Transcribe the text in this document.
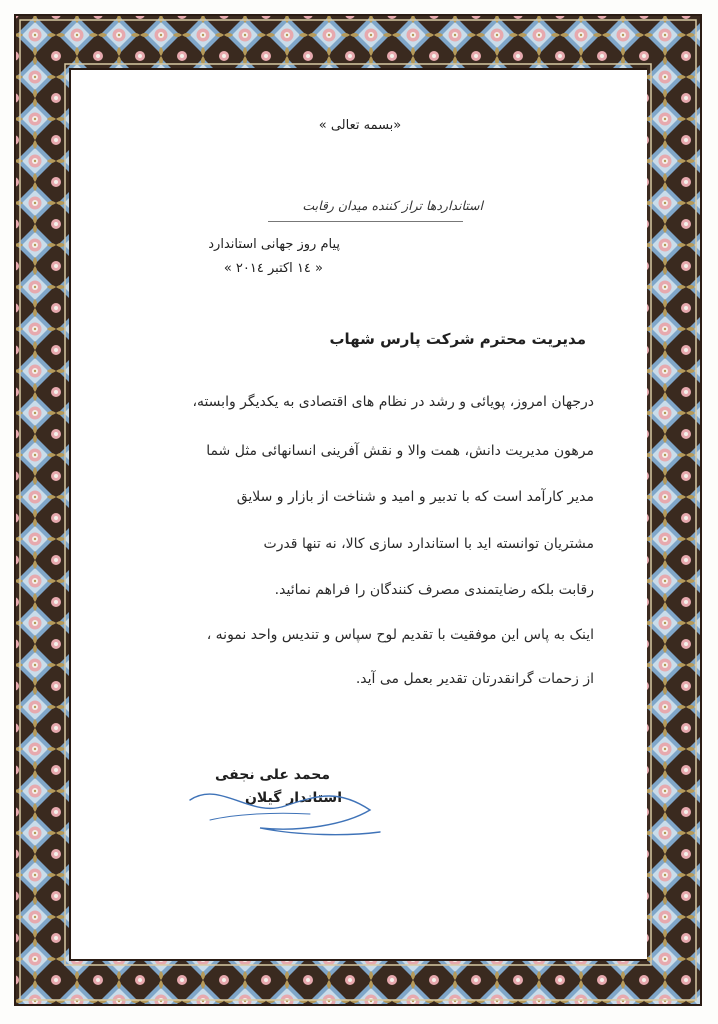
«بسمه تعالی »

استانداردها تراز کننده میدان رقابت

پیام روز جهانی استاندارد

« ١٤ اکتبر ٢٠١٤ »

مدیریت محترم شرکت پارس شهاب

درجهان امروز، پویائی و رشد در نظام های اقتصادی به یکدیگر وابسته،

مرهون مدیریت دانش، همت والا و نقش آفرینی انسانهائی مثل شما

مدیر کارآمد است که با تدبیر و امید و شناخت از بازار و سلایق

مشتریان توانسته اید با استاندارد سازی کالا، نه تنها قدرت

رقابت بلکه رضایتمندی مصرف کنندگان را فراهم نمائید.

اینک به پاس این موفقیت با تقدیم لوح سپاس و تندیس واحد نمونه ،

از زحمات گرانقدرتان تقدیر بعمل می آید.

محمد علی نجفی

استاندار گیلان
